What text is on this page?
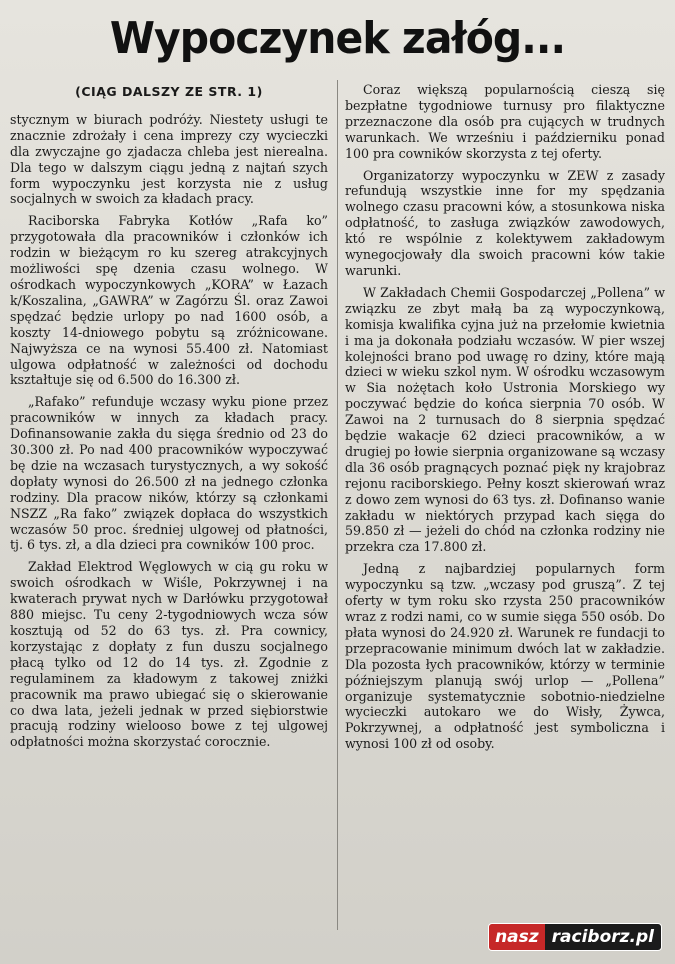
Wypoczynek załóg...
(CIĄG DALSZY ZE STR. 1)

stycznym w biurach podróży. Niestety usługi te znacznie zdrożały i cena imprezy czy wycieczki dla zwyczajne go zjadacza chleba jest nierealna. Dla tego w dalszym ciągu jedną z najtań szych form wypoczynku jest korzysta nie z usług socjalnych w swoich za kładach pracy.

Raciborska Fabryka Kotłów „Rafa ko” przygotowała dla pracowników i członków ich rodzin w bieżącym ro ku szereg atrakcyjnych możliwości spę dzenia czasu wolnego. W ośrodkach wypoczynkowych „KORA” w Łazach k/Koszalina, „GAWRA” w Zagórzu Śl. oraz Zawoi spędzać będzie urlopy po nad 1600 osób, a koszty 14-dniowego pobytu są zróżnicowane. Najwyższa ce na wynosi 55.400 zł. Natomiast ulgowa odpłatność w zależności od dochodu kształtuje się od 6.500 do 16.300 zł.

„Rafako” refunduje wczasy wyku pione przez pracowników w innych za kładach pracy. Dofinansowanie zakła du sięga średnio od 23 do 30.300 zł. Po nad 400 pracowników wypoczywać bę dzie na wczasach turystycznych, a wy sokość dopłaty wynosi do 26.500 zł na jednego członka rodziny. Dla pracow ników, którzy są członkami NSZZ „Ra fako” związek dopłaca do wszystkich wczasów 50 proc. średniej ulgowej od płatności, tj. 6 tys. zł, a dla dzieci pra cowników 100 proc.

Zakład Elektrod Węglowych w cią gu roku w swoich ośrodkach w Wiśle, Pokrzywnej i na kwaterach prywat nych w Darłówku przygotował 880 miejsc. Tu ceny 2-tygodniowych wcza sów kosztują od 52 do 63 tys. zł. Pra cownicy, korzystając z dopłaty z fun duszu socjalnego płacą tylko od 12 do 14 tys. zł. Zgodnie z regulaminem za kładowym z takowej zniżki pracownik ma prawo ubiegać się o skierowanie co dwa lata, jeżeli jednak w przed siębiorstwie pracują rodziny wielooso bowe z tej ulgowej odpłatności można skorzystać corocznie.

Coraz większą popularnością cieszą się bezpłatne tygodniowe turnusy pro filaktyczne przeznaczone dla osób pra cujących w trudnych warunkach. We wrześniu i październiku ponad 100 pra cowników skorzysta z tej oferty.

Organizatorzy wypoczynku w ZEW z zasady refundują wszystkie inne for my spędzania wolnego czasu pracowni ków, a stosunkowa niska odpłatność, to zasługa związków zawodowych, któ re wspólnie z kolektywem zakładowym wynegocjowały dla swoich pracowni ków takie warunki.

W Zakładach Chemii Gospodarczej „Pollena” w związku ze zbyt małą ba zą wypoczynkową, komisja kwalifika cyjna już na przełomie kwietnia i ma ja dokonała podziału wczasów. W pier wszej kolejności brano pod uwagę ro dziny, które mają dzieci w wieku szkol nym. W ośrodku wczasowym w Sia nożętach koło Ustronia Morskiego wy poczywać będzie do końca sierpnia 70 osób. W Zawoi na 2 turnusach do 8 sierpnia spędzać będzie wakacje 62 dzieci pracowników, a w drugiej po łowie sierpnia organizowane są wczasy dla 36 osób pragnących poznać pięk ny krajobraz rejonu raciborskiego. Pełny koszt skierowań wraz z dowo zem wynosi do 63 tys. zł. Dofinanso wanie zakładu w niektórych przypad kach sięga do 59.850 zł — jeżeli do chód na członka rodziny nie przekra cza 17.800 zł.

Jedną z najbardziej popularnych form wypoczynku są tzw. „wczasy pod gruszą”. Z tej oferty w tym roku sko rzysta 250 pracowników wraz z rodzi nami, co w sumie sięga 550 osób. Do płata wynosi do 24.920 zł. Warunek re fundacji to przepracowanie minimum dwóch lat w zakładzie. Dla pozosta łych pracowników, którzy w terminie późniejszym planują swój urlop — „Pollena” organizuje systematycznie sobotnio-niedzielne wycieczki autokaro we do Wisły, Żywca, Pokrzywnej, a odpłatność jest symboliczna i wynosi 100 zł od osoby.

nasz raciborz.pl
